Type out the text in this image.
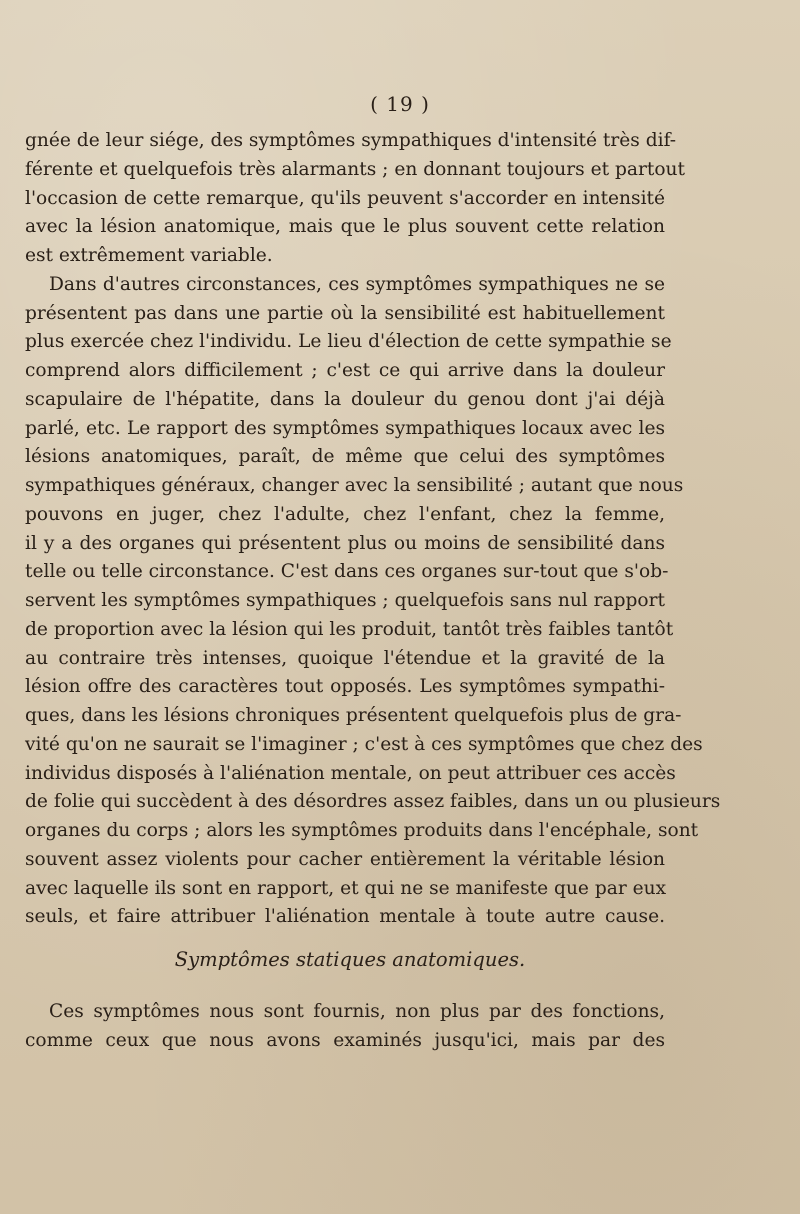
( 19 )
gnée de leur siége, des symptômes sympathiques d'intensité très dif-
férente et quelquefois très alarmants ; en donnant toujours et partout
l'occasion de cette remarque, qu'ils peuvent s'accorder en intensité
avec la lésion anatomique, mais que le plus souvent cette relation
est extrêmement variable.
Dans d'autres circonstances, ces symptômes sympathiques ne se
présentent pas dans une partie où la sensibilité est habituellement
plus exercée chez l'individu. Le lieu d'élection de cette sympathie se
comprend alors difficilement ; c'est ce qui arrive dans la douleur
scapulaire de l'hépatite, dans la douleur du genou dont j'ai déjà
parlé, etc. Le rapport des symptômes sympathiques locaux avec les
lésions anatomiques, paraît, de même que celui des symptômes
sympathiques généraux, changer avec la sensibilité ; autant que nous
pouvons en juger, chez l'adulte, chez l'enfant, chez la femme,
il y a des organes qui présentent plus ou moins de sensibilité dans
telle ou telle circonstance. C'est dans ces organes sur-tout que s'ob-
servent les symptômes sympathiques ; quelquefois sans nul rapport
de proportion avec la lésion qui les produit, tantôt très faibles tantôt
au contraire très intenses, quoique l'étendue et la gravité de la
lésion offre des caractères tout opposés. Les symptômes sympathi-
ques, dans les lésions chroniques présentent quelquefois plus de gra-
vité qu'on ne saurait se l'imaginer ; c'est à ces symptômes que chez des
individus disposés à l'aliénation mentale, on peut attribuer ces accès
de folie qui succèdent à des désordres assez faibles, dans un ou plusieurs
organes du corps ; alors les symptômes produits dans l'encéphale, sont
souvent assez violents pour cacher entièrement la véritable lésion
avec laquelle ils sont en rapport, et qui ne se manifeste que par eux
seuls, et faire attribuer l'aliénation mentale à toute autre cause.
Symptômes statiques anatomiques.
Ces symptômes nous sont fournis, non plus par des fonctions,
comme ceux que nous avons examinés jusqu'ici, mais par des
